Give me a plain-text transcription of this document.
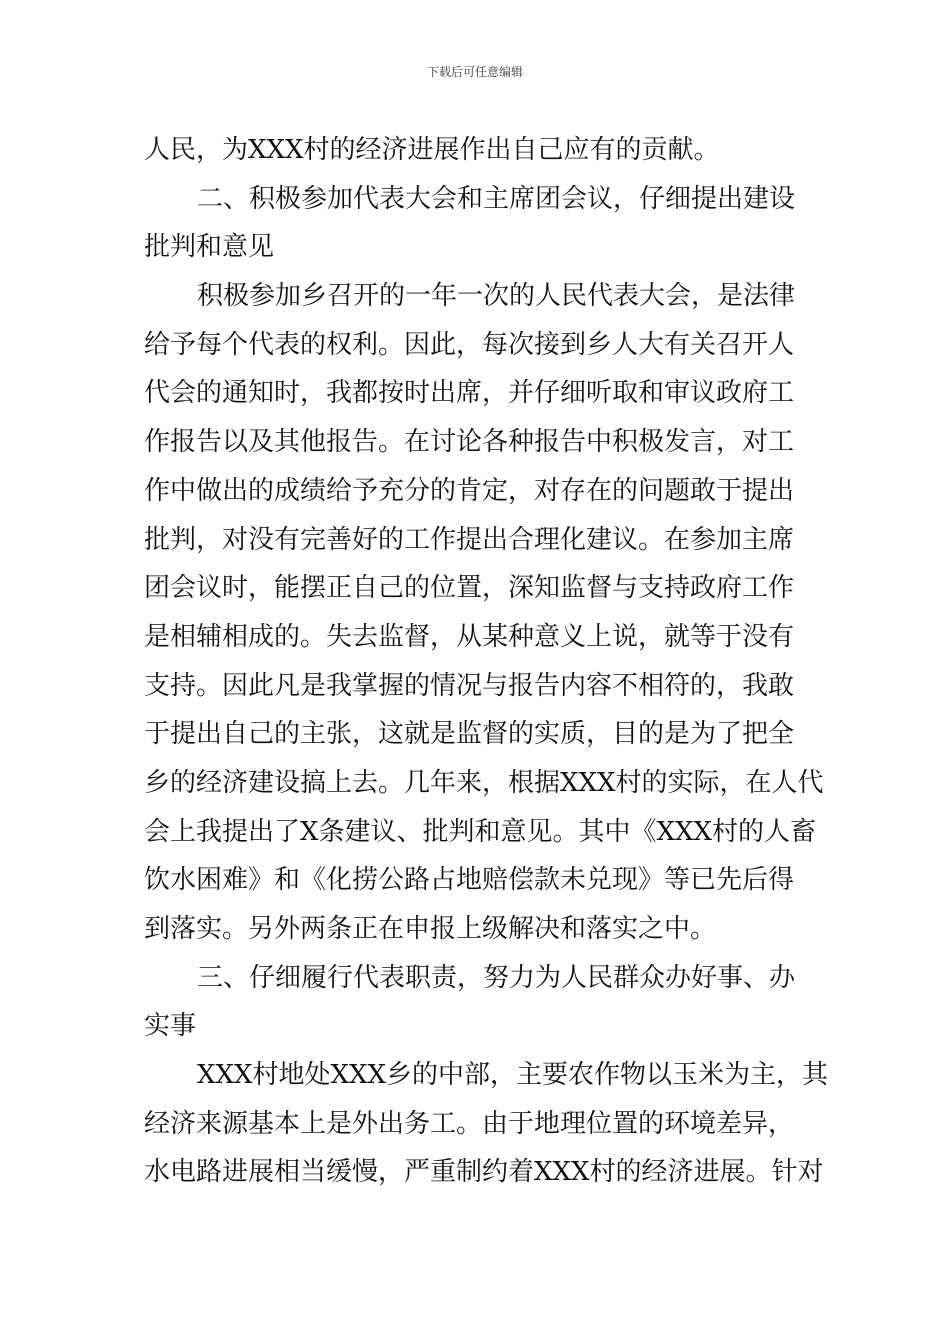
下载后可任意编辑
人民，为XXX村的经济进展作出自己应有的贡献。
二、积极参加代表大会和主席团会议，仔细提出建设
批判和意见
积极参加乡召开的一年一次的人民代表大会，是法律
给予每个代表的权利。因此，每次接到乡人大有关召开人
代会的通知时，我都按时出席，并仔细听取和审议政府工
作报告以及其他报告。在讨论各种报告中积极发言，对工
作中做出的成绩给予充分的肯定，对存在的问题敢于提出
批判，对没有完善好的工作提出合理化建议。在参加主席
团会议时，能摆正自己的位置，深知监督与支持政府工作
是相辅相成的。失去监督，从某种意义上说，就等于没有
支持。因此凡是我掌握的情况与报告内容不相符的，我敢
于提出自己的主张，这就是监督的实质，目的是为了把全
乡的经济建设搞上去。几年来，根据XXX村的实际，在人代
会上我提出了X条建议、批判和意见。其中《XXX村的人畜
饮水困难》和《化捞公路占地赔偿款未兑现》等已先后得
到落实。另外两条正在申报上级解决和落实之中。
三、仔细履行代表职责，努力为人民群众办好事、办
实事
XXX村地处XXX乡的中部，主要农作物以玉米为主，其
经济来源基本上是外出务工。由于地理位置的环境差异，
水电路进展相当缓慢，严重制约着XXX村的经济进展。针对
